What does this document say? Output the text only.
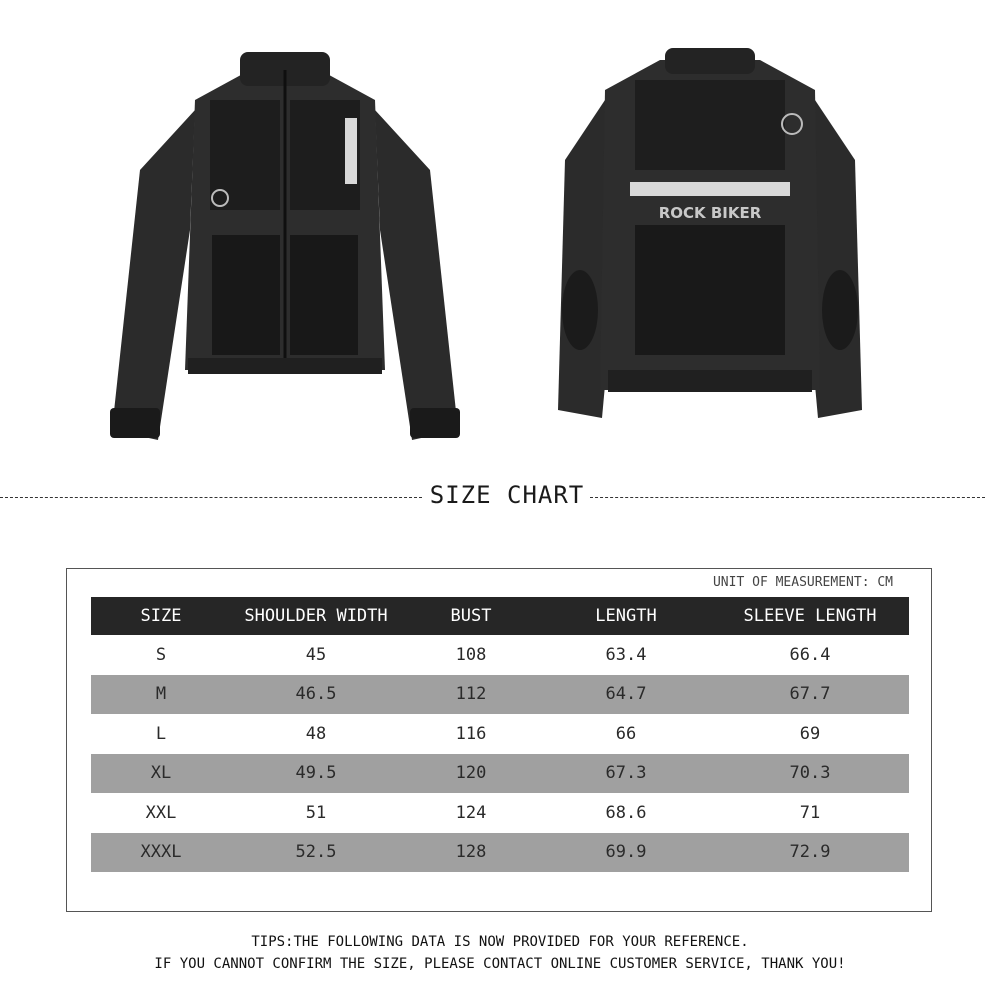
ROCK BIKER
SIZE CHART
UNIT OF MEASUREMENT: CM
SIZE	SHOULDER WIDTH	BUST	LENGTH	SLEEVE LENGTH
S	45	108	63.4	66.4
M	46.5	112	64.7	67.7
L	48	116	66	69
XL	49.5	120	67.3	70.3
XXL	51	124	68.6	71
XXXL	52.5	128	69.9	72.9
TIPS:THE FOLLOWING DATA IS NOW PROVIDED FOR YOUR REFERENCE.
IF YOU CANNOT CONFIRM THE SIZE, PLEASE CONTACT ONLINE CUSTOMER SERVICE, THANK YOU!
